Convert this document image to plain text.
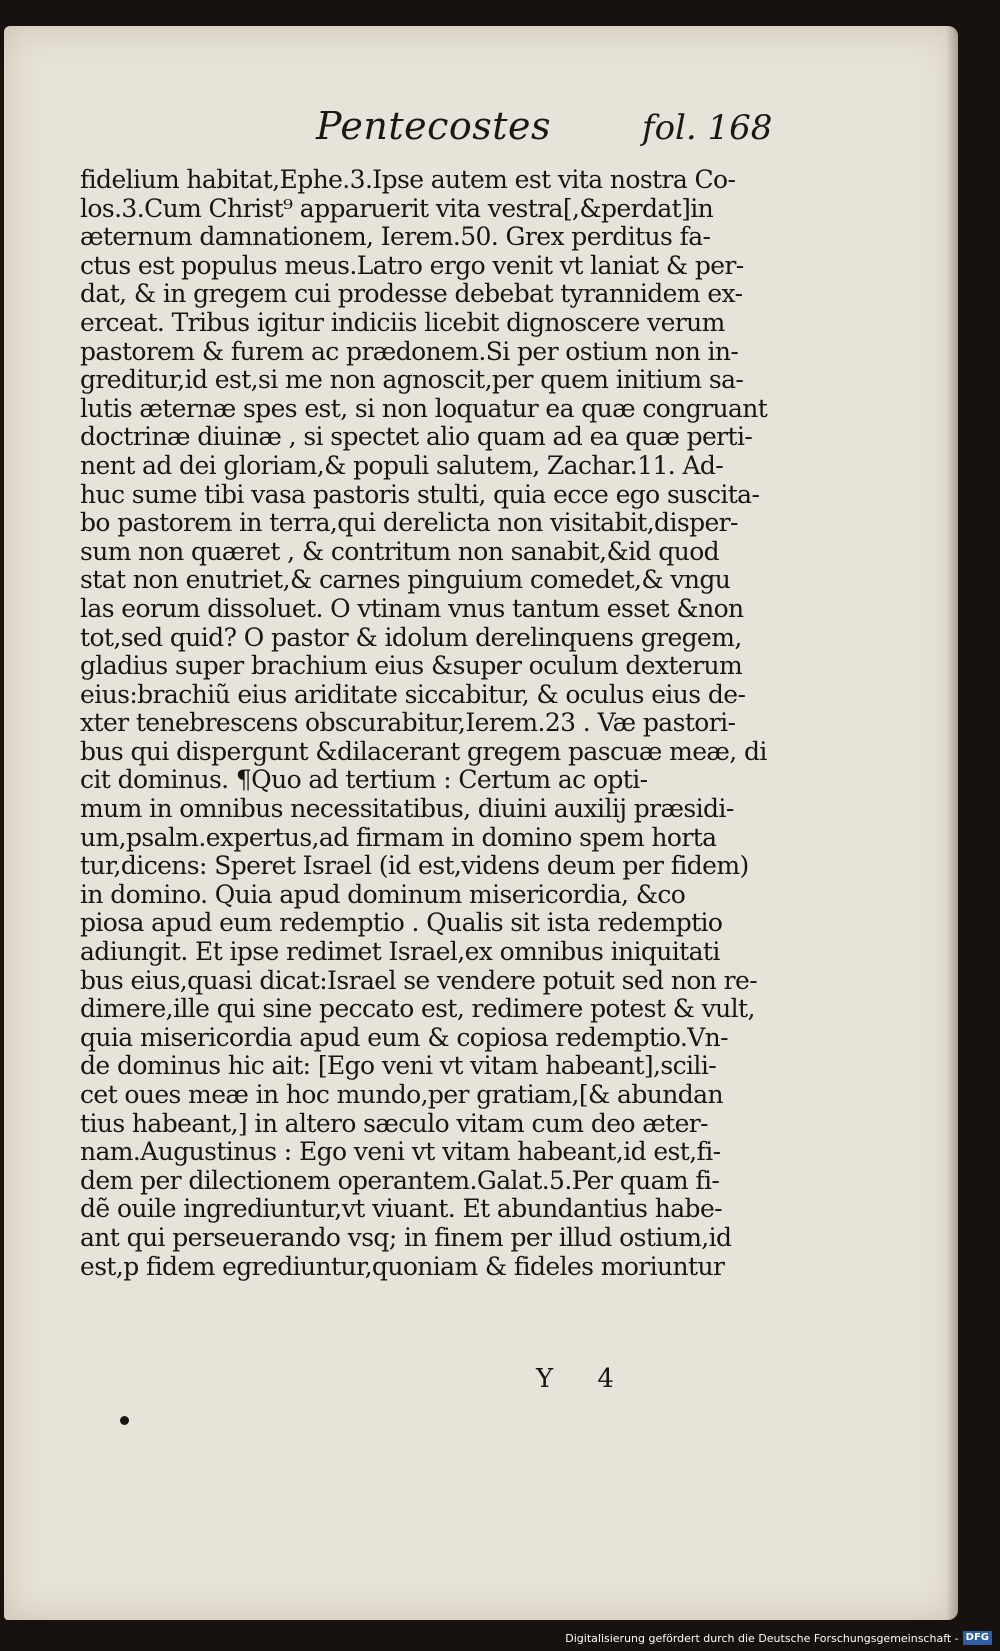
Pentecostes	fol. 168
fidelium habitat,Ephe.3.Ipse autem est vita nostra Co-
los.3.Cum Christ⁹ apparuerit vita vestra[,&perdat]in
æternum damnationem, Ierem.50. Grex perditus fa-
ctus est populus meus.Latro ergo venit vt laniat & per-
dat, & in gregem cui prodesse debebat tyrannidem ex-
erceat. Tribus igitur indiciis licebit dignoscere verum
pastorem & furem ac prædonem.Si per ostium non in-
greditur,id est,si me non agnoscit,per quem initium sa-
lutis æternæ spes est, si non loquatur ea quæ congruant
doctrinæ diuinæ , si spectet alio quam ad ea quæ perti-
nent ad dei gloriam,& populi salutem, Zachar.11. Ad-
huc sume tibi vasa pastoris stulti, quia ecce ego suscita-
bo pastorem in terra,qui derelicta non visitabit,disper-
sum non quæret , & contritum non sanabit,&id quod
stat non enutriet,& carnes pinguium comedet,& vngu
las eorum dissoluet. O vtinam vnus tantum esset &non
tot,sed quid? O pastor & idolum derelinquens gregem,
gladius super brachium eius &super oculum dexterum
eius:brachiũ eius ariditate siccabitur, & oculus eius de-
xter tenebrescens obscurabitur,Ierem.23 . Væ pastori-
bus qui dispergunt &dilacerant gregem pascuæ meæ, di
cit dominus. ¶Quo ad tertium : Certum ac opti-
mum in omnibus necessitatibus, diuini auxilij præsidi-
um,psalm.expertus,ad firmam in domino spem horta
tur,dicens: Speret Israel (id est,videns deum per fidem)
in domino. Quia apud dominum misericordia, &co
piosa apud eum redemptio . Qualis sit ista redemptio
adiungit. Et ipse redimet Israel,ex omnibus iniquitati
bus eius,quasi dicat:Israel se vendere potuit sed non re-
dimere,ille qui sine peccato est, redimere potest & vult,
quia misericordia apud eum & copiosa redemptio.Vn-
de dominus hic ait: [Ego veni vt vitam habeant],scili-
cet oues meæ in hoc mundo,per gratiam,[& abundan
tius habeant,] in altero sæculo vitam cum deo æter-
nam.Augustinus : Ego veni vt vitam habeant,id est,fi-
dem per dilectionem operantem.Galat.5.Per quam fi-
dẽ ouile ingrediuntur,vt viuant. Et abundantius habe-
ant qui perseuerando vsq; in finem per illud ostium,id
est,p fidem egrediuntur,quoniam & fideles moriuntur
Y 4
Digitalisierung gefördert durch die Deutsche Forschungsgemeinschaft - DFG
